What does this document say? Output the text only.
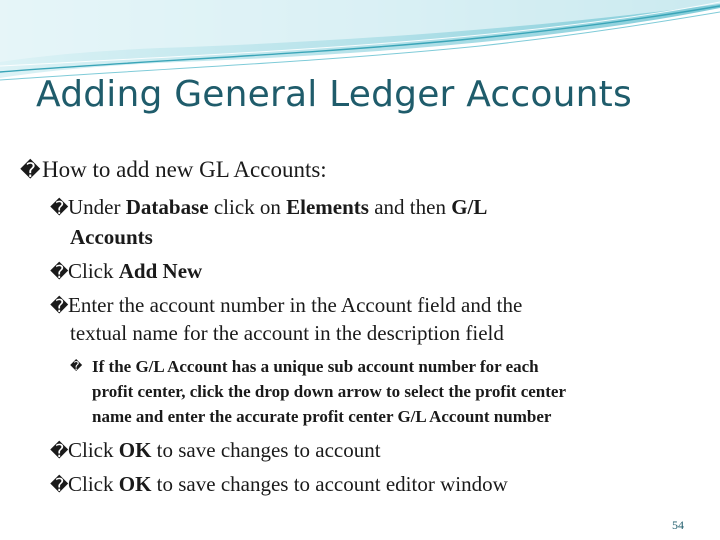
Adding General Ledger Accounts
�How to add new GL Accounts:
�Under Database click on Elements and then G/L
Accounts
�Click Add New
�Enter the account number in the Account field and the
textual name for the account in the description field
� If the G/L Account has a unique sub account number for each
profit center, click the drop down arrow to select the profit center
name and enter the accurate profit center G/L Account number
�Click OK to save changes to account
�Click OK to save changes to account editor window
54
